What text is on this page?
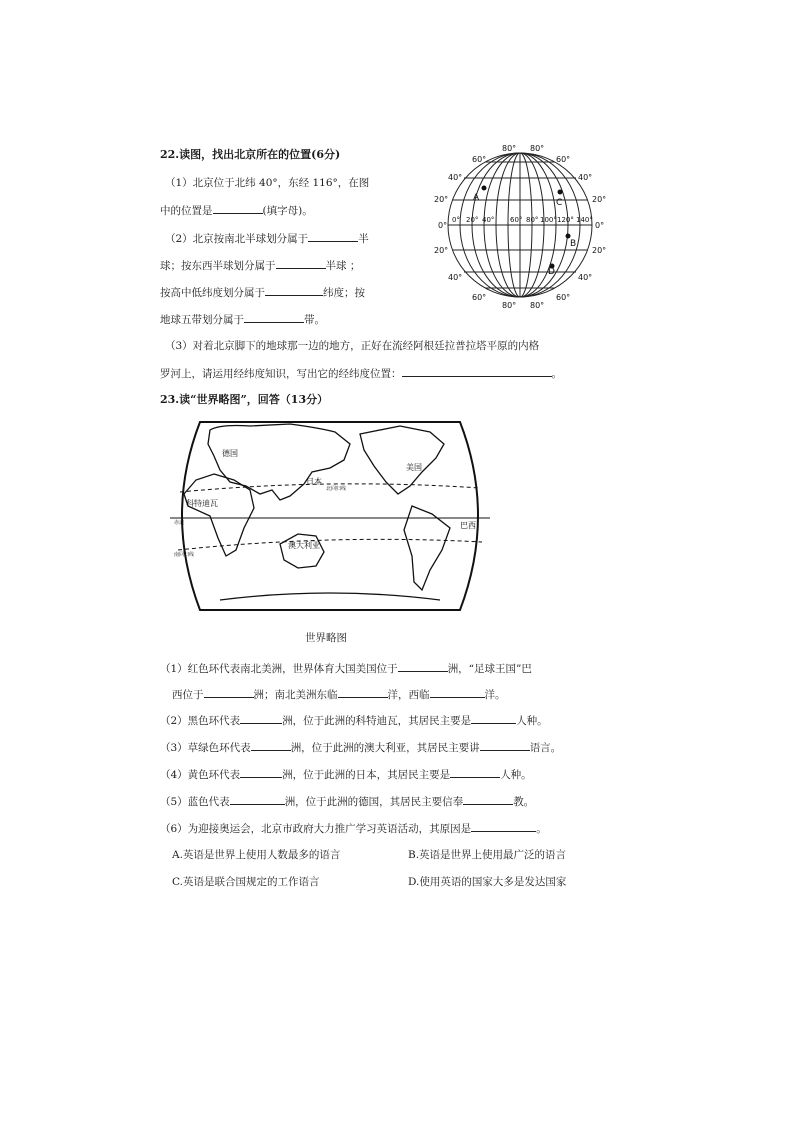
22.读图，找出北京所在的位置(6分)
（1）北京位于北纬 40°，东经 116°，在图
中的位置是	(填字母)。
（2）北京按南北半球划分属于	半
球；按东西半球划分属于	半球 ；
按高中低纬度划分属于	纬度；按
地球五带划分属于	带。
（3）对着北京脚下的地球那一边的地方，正好在流经阿根廷拉普拉塔平原的内格
罗河上，请运用经纬度知识，写出它的经纬度位置：	。
80° 80°
60°
40°
20°
0°
20°
40°
60°
60°
40°
20°
0°
20°
40°
60°
80° 80°
0° 20° 40° 60° 80° 100° 120° 140°
A	C
B
D
23.读“世界略图”，回答（13分）
德国
日本
美国
科特迪瓦
巴西
澳大利亚
北回归线
赤道
南回归线
世界略图
（1）红色环代表南北美洲，世界体育大国美国位于	洲，“足球王国”巴
西位于	洲；南北美洲东临	洋，西临	洋。
（2）黑色环代表	洲，位于此洲的科特迪瓦，其居民主要是	人种。
（3）草绿色环代表	洲，位于此洲的澳大利亚，其居民主要讲	语言。
（4）黄色环代表	洲，位于此洲的日本，其居民主要是	人种。
（5）蓝色代表	洲，位于此洲的德国，其居民主要信奉	教。
（6）为迎接奥运会，北京市政府大力推广学习英语活动，其原因是	。
A.英语是世界上使用人数最多的语言	B.英语是世界上使用最广泛的语言
C.英语是联合国规定的工作语言	D.使用英语的国家大多是发达国家
